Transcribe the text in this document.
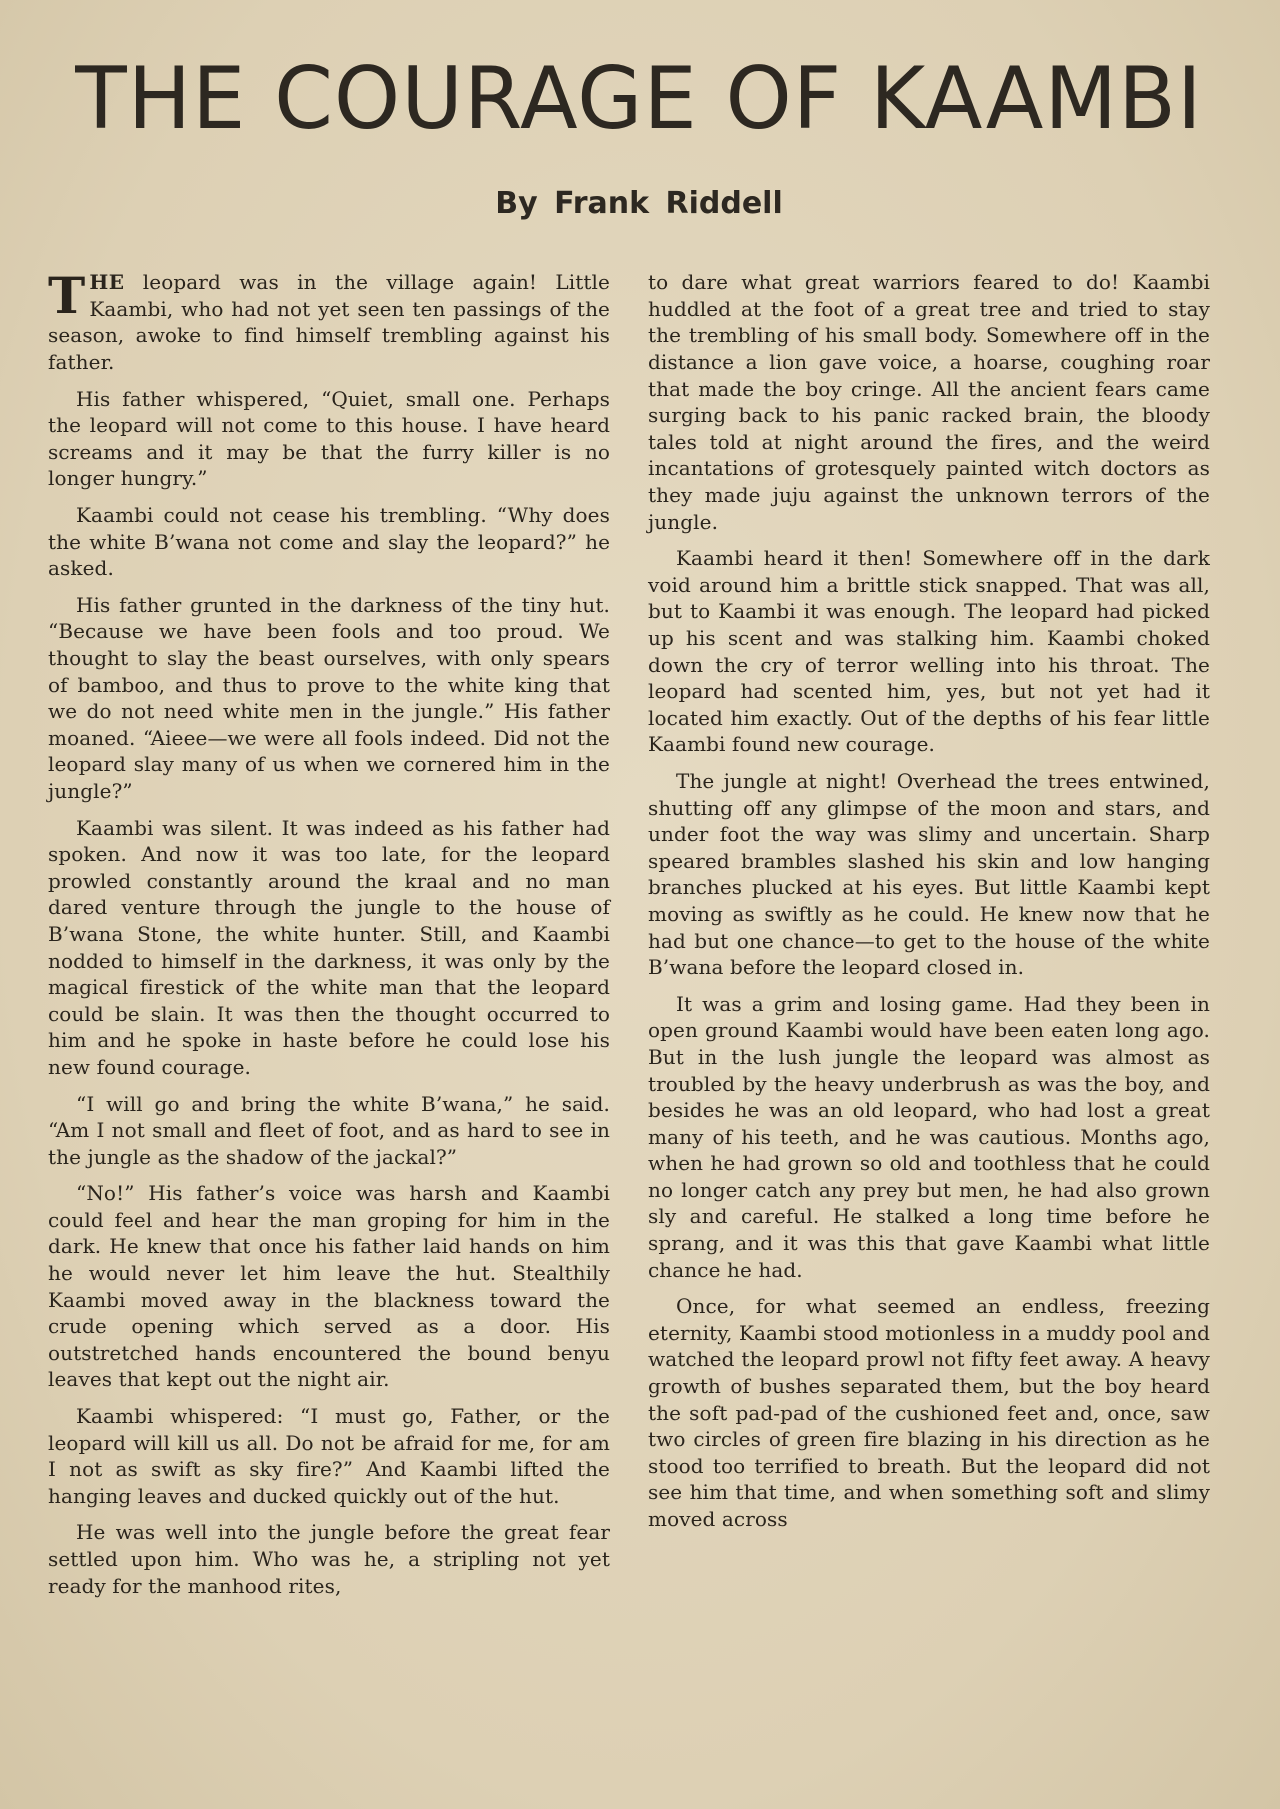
THE COURAGE OF KAAMBI
By Frank Riddell

THE leopard was in the village again! Little Kaambi, who had not yet seen ten passings of the season, awoke to find himself trembling against his father.

His father whispered, “Quiet, small one. Perhaps the leopard will not come to this house. I have heard screams and it may be that the furry killer is no longer hungry.”

Kaambi could not cease his trembling. “Why does the white B’wana not come and slay the leopard?” he asked.

His father grunted in the darkness of the tiny hut. “Because we have been fools and too proud. We thought to slay the beast ourselves, with only spears of bamboo, and thus to prove to the white king that we do not need white men in the jungle.” His father moaned. “Aieee—we were all fools indeed. Did not the leopard slay many of us when we cornered him in the jungle?”

Kaambi was silent. It was indeed as his father had spoken. And now it was too late, for the leopard prowled constantly around the kraal and no man dared venture through the jungle to the house of B’wana Stone, the white hunter. Still, and Kaambi nodded to himself in the darkness, it was only by the magical firestick of the white man that the leopard could be slain. It was then the thought occurred to him and he spoke in haste before he could lose his new found courage.

“I will go and bring the white B’wana,” he said. “Am I not small and fleet of foot, and as hard to see in the jungle as the shadow of the jackal?”

“No!” His father’s voice was harsh and Kaambi could feel and hear the man groping for him in the dark. He knew that once his father laid hands on him he would never let him leave the hut. Stealthily Kaambi moved away in the blackness toward the crude opening which served as a door. His outstretched hands encountered the bound benyu leaves that kept out the night air.

Kaambi whispered: “I must go, Father, or the leopard will kill us all. Do not be afraid for me, for am I not as swift as sky fire?” And Kaambi lifted the hanging leaves and ducked quickly out of the hut.

He was well into the jungle before the great fear settled upon him. Who was he, a stripling not yet ready for the manhood rites,

to dare what great warriors feared to do! Kaambi huddled at the foot of a great tree and tried to stay the trembling of his small body. Somewhere off in the distance a lion gave voice, a hoarse, coughing roar that made the boy cringe. All the ancient fears came surging back to his panic racked brain, the bloody tales told at night around the fires, and the weird incantations of grotesquely painted witch doctors as they made juju against the unknown terrors of the jungle.

Kaambi heard it then! Somewhere off in the dark void around him a brittle stick snapped. That was all, but to Kaambi it was enough. The leopard had picked up his scent and was stalking him. Kaambi choked down the cry of terror welling into his throat. The leopard had scented him, yes, but not yet had it located him exactly. Out of the depths of his fear little Kaambi found new courage.

The jungle at night! Overhead the trees entwined, shutting off any glimpse of the moon and stars, and under foot the way was slimy and uncertain. Sharp speared brambles slashed his skin and low hanging branches plucked at his eyes. But little Kaambi kept moving as swiftly as he could. He knew now that he had but one chance—to get to the house of the white B’wana before the leopard closed in.

It was a grim and losing game. Had they been in open ground Kaambi would have been eaten long ago. But in the lush jungle the leopard was almost as troubled by the heavy underbrush as was the boy, and besides he was an old leopard, who had lost a great many of his teeth, and he was cautious. Months ago, when he had grown so old and toothless that he could no longer catch any prey but men, he had also grown sly and careful. He stalked a long time before he sprang, and it was this that gave Kaambi what little chance he had.

Once, for what seemed an endless, freezing eternity, Kaambi stood motionless in a muddy pool and watched the leopard prowl not fifty feet away. A heavy growth of bushes separated them, but the boy heard the soft pad-pad of the cushioned feet and, once, saw two circles of green fire blazing in his direction as he stood too terrified to breath. But the leopard did not see him that time, and when something soft and slimy moved across
